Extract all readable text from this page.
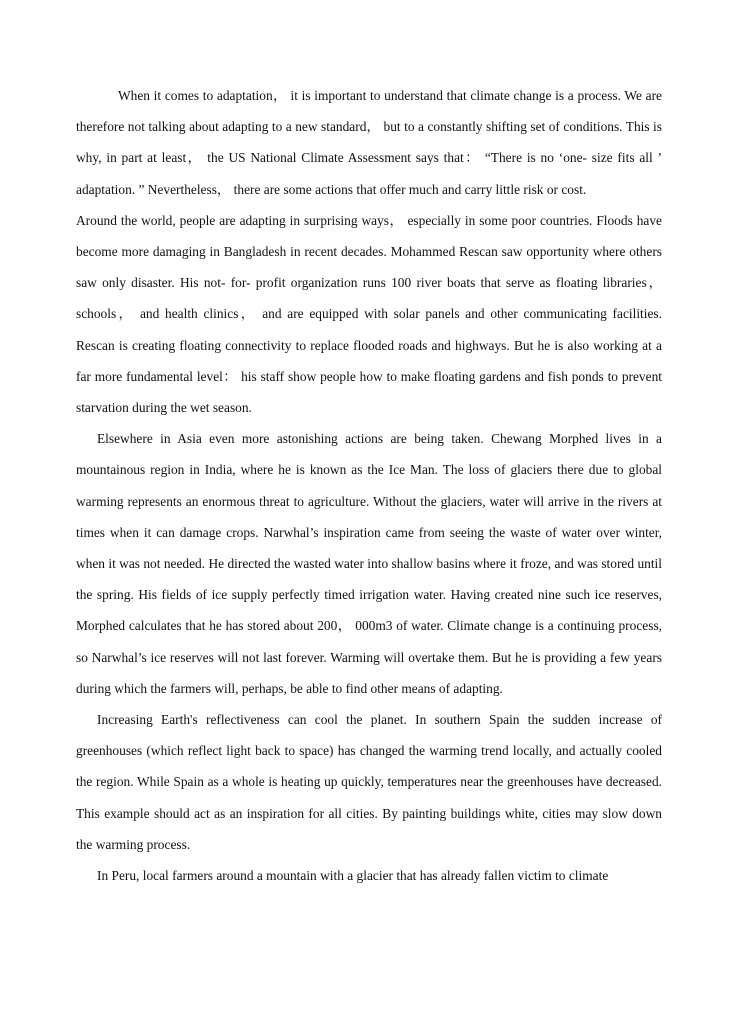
When it comes to adaptation， it is important to understand that climate change is a process. We are therefore not talking about adapting to a new standard， but to a constantly shifting set of conditions. This is why, in part at least， the US National Climate Assessment says that： “There is no ‘one- size fits all ’ adaptation. ” Nevertheless， there are some actions that offer much and carry little risk or cost.

Around the world, people are adapting in surprising ways， especially in some poor countries. Floods have become more damaging in Bangladesh in recent decades. Mohammed Rescan saw opportunity where others saw only disaster. His not- for- profit organization runs 100 river boats that serve as floating libraries， schools， and health clinics， and are equipped with solar panels and other communicating facilities. Rescan is creating floating connectivity to replace flooded roads and highways. But he is also working at a far more fundamental level： his staff show people how to make floating gardens and fish ponds to prevent starvation during the wet season.

Elsewhere in Asia even more astonishing actions are being taken. Chewang Morphed lives in a mountainous region in India, where he is known as the Ice Man. The loss of glaciers there due to global warming represents an enormous threat to agriculture. Without the glaciers, water will arrive in the rivers at times when it can damage crops. Narwhal’s inspiration came from seeing the waste of water over winter, when it was not needed. He directed the wasted water into shallow basins where it froze, and was stored until the spring. His fields of ice supply perfectly timed irrigation water. Having created nine such ice reserves, Morphed calculates that he has stored about 200， 000m3 of water. Climate change is a continuing process, so Narwhal’s ice reserves will not last forever. Warming will overtake them. But he is providing a few years during which the farmers will, perhaps, be able to find other means of adapting.

Increasing Earth's reflectiveness can cool the planet. In southern Spain the sudden increase of greenhouses (which reflect light back to space) has changed the warming trend locally, and actually cooled the region. While Spain as a whole is heating up quickly, temperatures near the greenhouses have decreased. This example should act as an inspiration for all cities. By painting buildings white, cities may slow down the warming process.

In Peru, local farmers around a mountain with a glacier that has already fallen victim to climate
